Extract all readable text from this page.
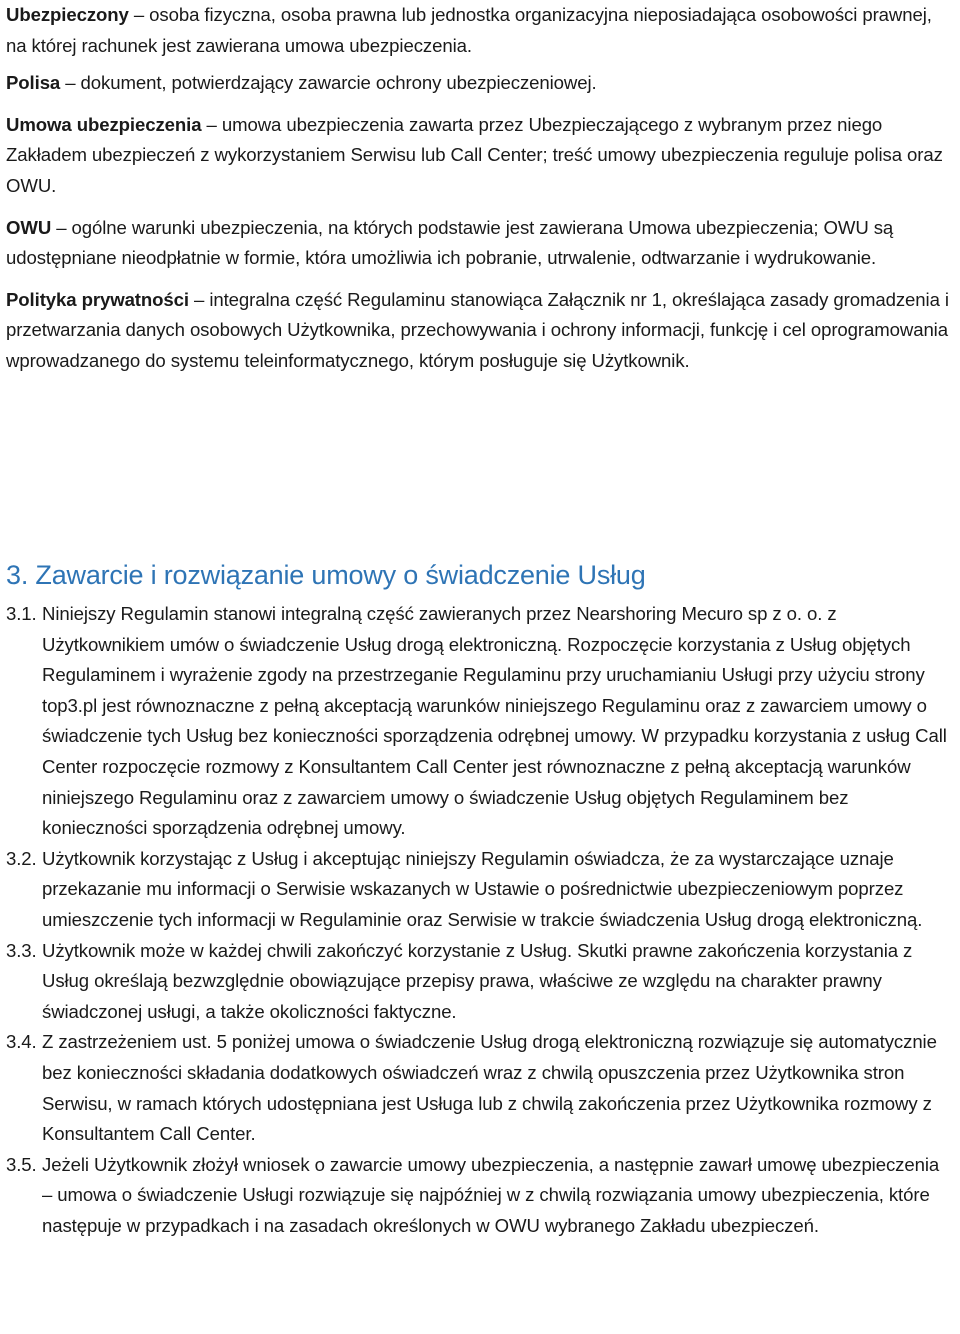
Ubezpieczony – osoba fizyczna, osoba prawna lub jednostka organizacyjna nieposiadająca osobowości prawnej, na której rachunek jest zawierana umowa ubezpieczenia.

Polisa – dokument, potwierdzający zawarcie ochrony ubezpieczeniowej.

Umowa ubezpieczenia – umowa ubezpieczenia zawarta przez Ubezpieczającego z wybranym przez niego Zakładem ubezpieczeń z wykorzystaniem Serwisu lub Call Center; treść umowy ubezpieczenia reguluje polisa oraz OWU.

OWU – ogólne warunki ubezpieczenia, na których podstawie jest zawierana Umowa ubezpieczenia; OWU są udostępniane nieodpłatnie w formie, która umożliwia ich pobranie, utrwalenie, odtwarzanie i wydrukowanie.

Polityka prywatności – integralna część Regulaminu stanowiąca Załącznik nr 1, określająca zasady gromadzenia i przetwarzania danych osobowych Użytkownika, przechowywania i ochrony informacji, funkcję i cel oprogramowania wprowadzanego do systemu teleinformatycznego, którym posługuje się Użytkownik.

3. Zawarcie i rozwiązanie umowy o świadczenie Usług
3.1. Niniejszy Regulamin stanowi integralną część zawieranych przez Nearshoring Mecuro sp z o. o. z Użytkownikiem umów o świadczenie Usług drogą elektroniczną. Rozpoczęcie korzystania z Usług objętych Regulaminem i wyrażenie zgody na przestrzeganie Regulaminu przy uruchamianiu Usługi przy użyciu strony top3.pl jest równoznaczne z pełną akceptacją warunków niniejszego Regulaminu oraz z zawarciem umowy o świadczenie tych Usług bez konieczności sporządzenia odrębnej umowy. W przypadku korzystania z usług Call Center rozpoczęcie rozmowy z Konsultantem Call Center jest równoznaczne z pełną akceptacją warunków niniejszego Regulaminu oraz z zawarciem umowy o świadczenie Usług objętych Regulaminem bez konieczności sporządzenia odrębnej umowy.
3.2. Użytkownik korzystając z Usług i akceptując niniejszy Regulamin oświadcza, że za wystarczające uznaje przekazanie mu informacji o Serwisie wskazanych w Ustawie o pośrednictwie ubezpieczeniowym poprzez umieszczenie tych informacji w Regulaminie oraz Serwisie w trakcie świadczenia Usług drogą elektroniczną.
3.3. Użytkownik może w każdej chwili zakończyć korzystanie z Usług. Skutki prawne zakończenia korzystania z Usług określają bezwzględnie obowiązujące przepisy prawa, właściwe ze względu na charakter prawny świadczonej usługi, a także okoliczności faktyczne.
3.4. Z zastrzeżeniem ust. 5 poniżej umowa o świadczenie Usług drogą elektroniczną rozwiązuje się automatycznie bez konieczności składania dodatkowych oświadczeń wraz z chwilą opuszczenia przez Użytkownika stron Serwisu, w ramach których udostępniana jest Usługa lub z chwilą zakończenia przez Użytkownika rozmowy z Konsultantem Call Center.
3.5. Jeżeli Użytkownik złożył wniosek o zawarcie umowy ubezpieczenia, a następnie zawarł umowę ubezpieczenia – umowa o świadczenie Usługi rozwiązuje się najpóźniej w z chwilą rozwiązania umowy ubezpieczenia, które następuje w przypadkach i na zasadach określonych w OWU wybranego Zakładu ubezpieczeń.
